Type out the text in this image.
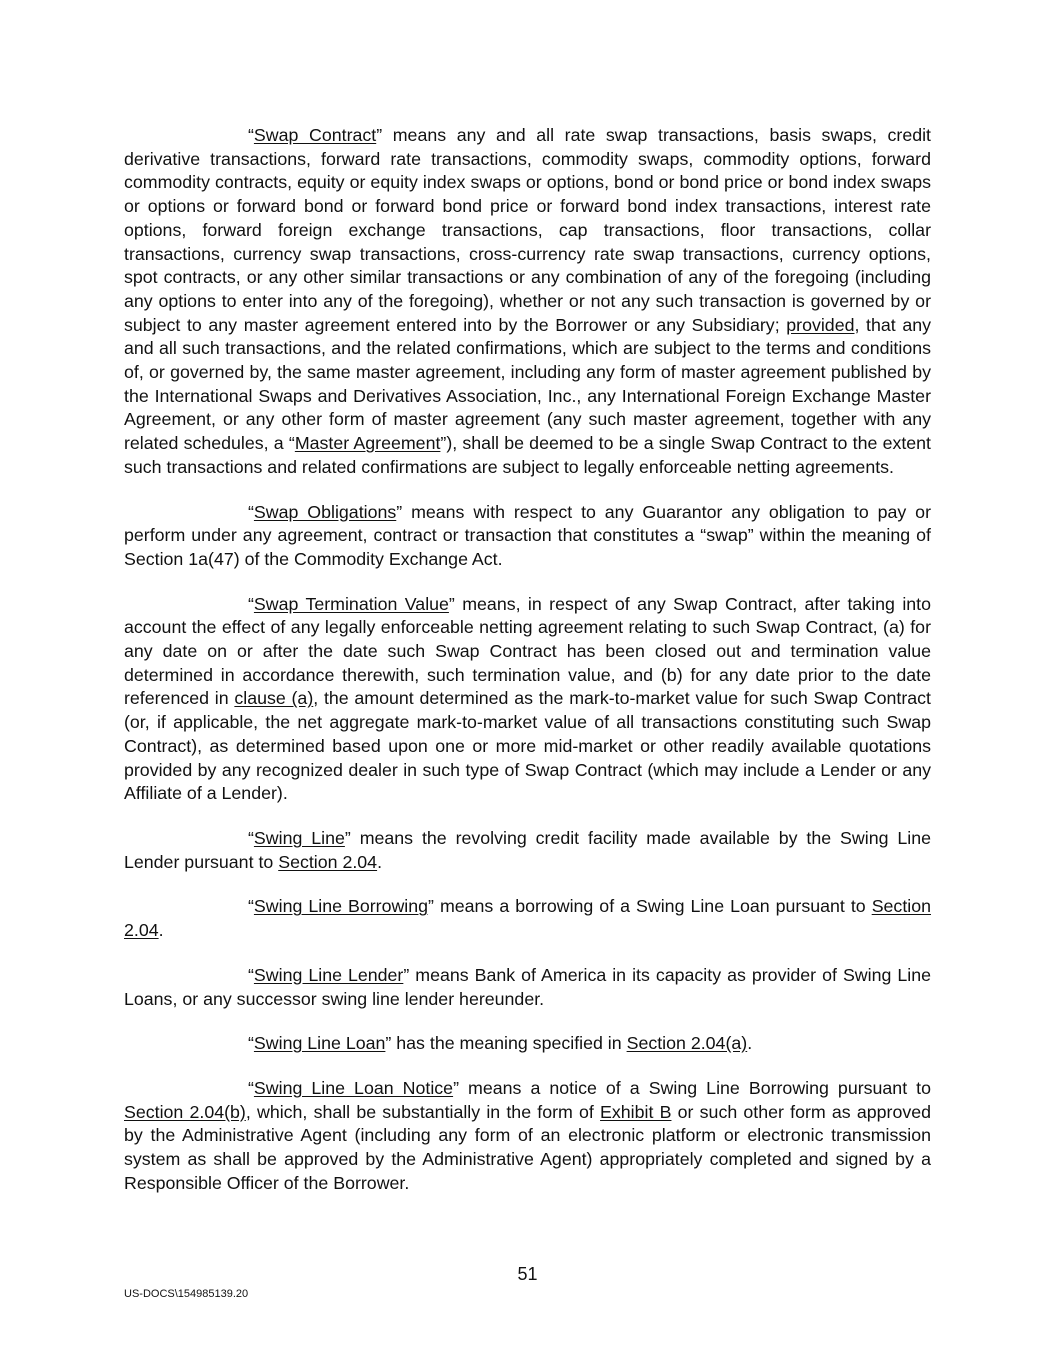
“Swap Contract” means any and all rate swap transactions, basis swaps, credit derivative transactions, forward rate transactions, commodity swaps, commodity options, forward commodity contracts, equity or equity index swaps or options, bond or bond price or bond index swaps or options or forward bond or forward bond price or forward bond index transactions, interest rate options, forward foreign exchange transactions, cap transactions, floor transactions, collar transactions, currency swap transactions, cross-currency rate swap transactions, currency options, spot contracts, or any other similar transactions or any combination of any of the foregoing (including any options to enter into any of the foregoing), whether or not any such transaction is governed by or subject to any master agreement entered into by the Borrower or any Subsidiary; provided, that any and all such transactions, and the related confirmations, which are subject to the terms and conditions of, or governed by, the same master agreement, including any form of master agreement published by the International Swaps and Derivatives Association, Inc., any International Foreign Exchange Master Agreement, or any other form of master agreement (any such master agreement, together with any related schedules, a “Master Agreement”), shall be deemed to be a single Swap Contract to the extent such transactions and related confirmations are subject to legally enforceable netting agreements.

“Swap Obligations” means with respect to any Guarantor any obligation to pay or perform under any agreement, contract or transaction that constitutes a “swap” within the meaning of Section 1a(47) of the Commodity Exchange Act.

“Swap Termination Value” means, in respect of any Swap Contract, after taking into account the effect of any legally enforceable netting agreement relating to such Swap Contract, (a) for any date on or after the date such Swap Contract has been closed out and termination value determined in accordance therewith, such termination value, and (b) for any date prior to the date referenced in clause (a), the amount determined as the mark-to-market value for such Swap Contract (or, if applicable, the net aggregate mark-to-market value of all transactions constituting such Swap Contract), as determined based upon one or more mid-market or other readily available quotations provided by any recognized dealer in such type of Swap Contract (which may include a Lender or any Affiliate of a Lender).

“Swing Line” means the revolving credit facility made available by the Swing Line Lender pursuant to Section 2.04.

“Swing Line Borrowing” means a borrowing of a Swing Line Loan pursuant to Section 2.04.

“Swing Line Lender” means Bank of America in its capacity as provider of Swing Line Loans, or any successor swing line lender hereunder.

“Swing Line Loan” has the meaning specified in Section 2.04(a).

“Swing Line Loan Notice” means a notice of a Swing Line Borrowing pursuant to Section 2.04(b), which, shall be substantially in the form of Exhibit B or such other form as approved by the Administrative Agent (including any form of an electronic platform or electronic transmission system as shall be approved by the Administrative Agent) appropriately completed and signed by a Responsible Officer of the Borrower.

51
US-DOCS\154985139.20
